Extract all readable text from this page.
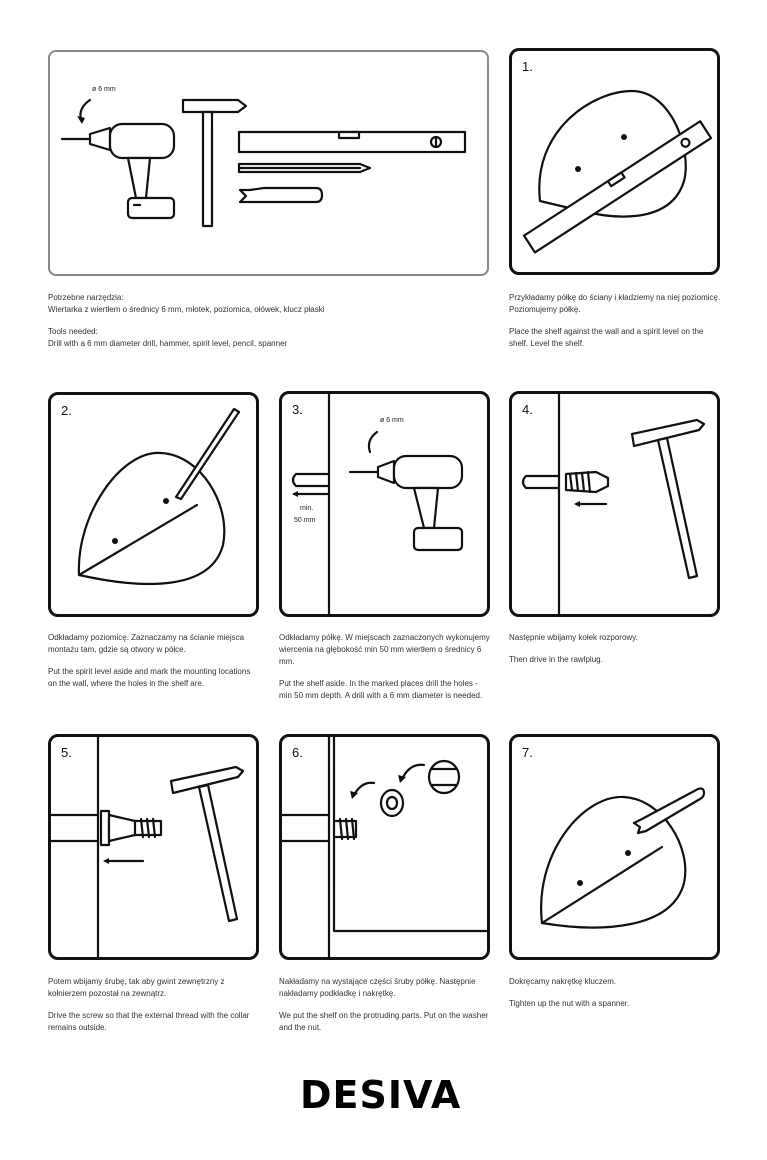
ø 6 mm
Potrzebne narzędzia:

Wiertarka z wiertłem o średnicy 6 mm, młotek, poziomica, ołówek, klucz płaski

Tools needed:

Drill with a 6 mm diameter drill, hammer, spirit level, pencil, spanner

1.

Przykładamy półkę do ściany i kładziemy na niej poziomicę. Poziomujemy półkę.

Place the shelf against the wall and a spirit level on the shelf. Level the shelf.

2.

Odkładamy poziomicę. Zaznaczamy na ścianie miejsca montażu tam, gdzie są otwory w półce.

Put the spirit level aside and mark the mounting locations on the wall, where the holes in the shelf are.

3.
min.
50 mm
ø 6 mm

Odkładamy półkę. W miejscach zaznaczonych wykonujemy wiercenia na głębokość min 50 mm wiertłem o średnicy 6 mm.

Put the shelf aside. In the marked places drill the holes - min 50 mm depth. A drill with a 6 mm diameter is needed.

4.

Następnie wbijamy kołek rozporowy.

Then drive in the rawlplug.

5.

Potem wbijamy śrubę, tak aby gwint zewnętrzny z kołnierzem pozostał na zewnątrz.

Drive the screw so that the external thread with the collar remains outside.

6.

Nakładamy na wystające części śruby półkę. Następnie nakładamy podkładkę i nakrętkę.

We put the shelf on the protruding parts. Put on the washer and the nut.

7.

Dokręcamy nakrętkę kluczem.

Tighten up the nut with a spanner.

DESIVA
